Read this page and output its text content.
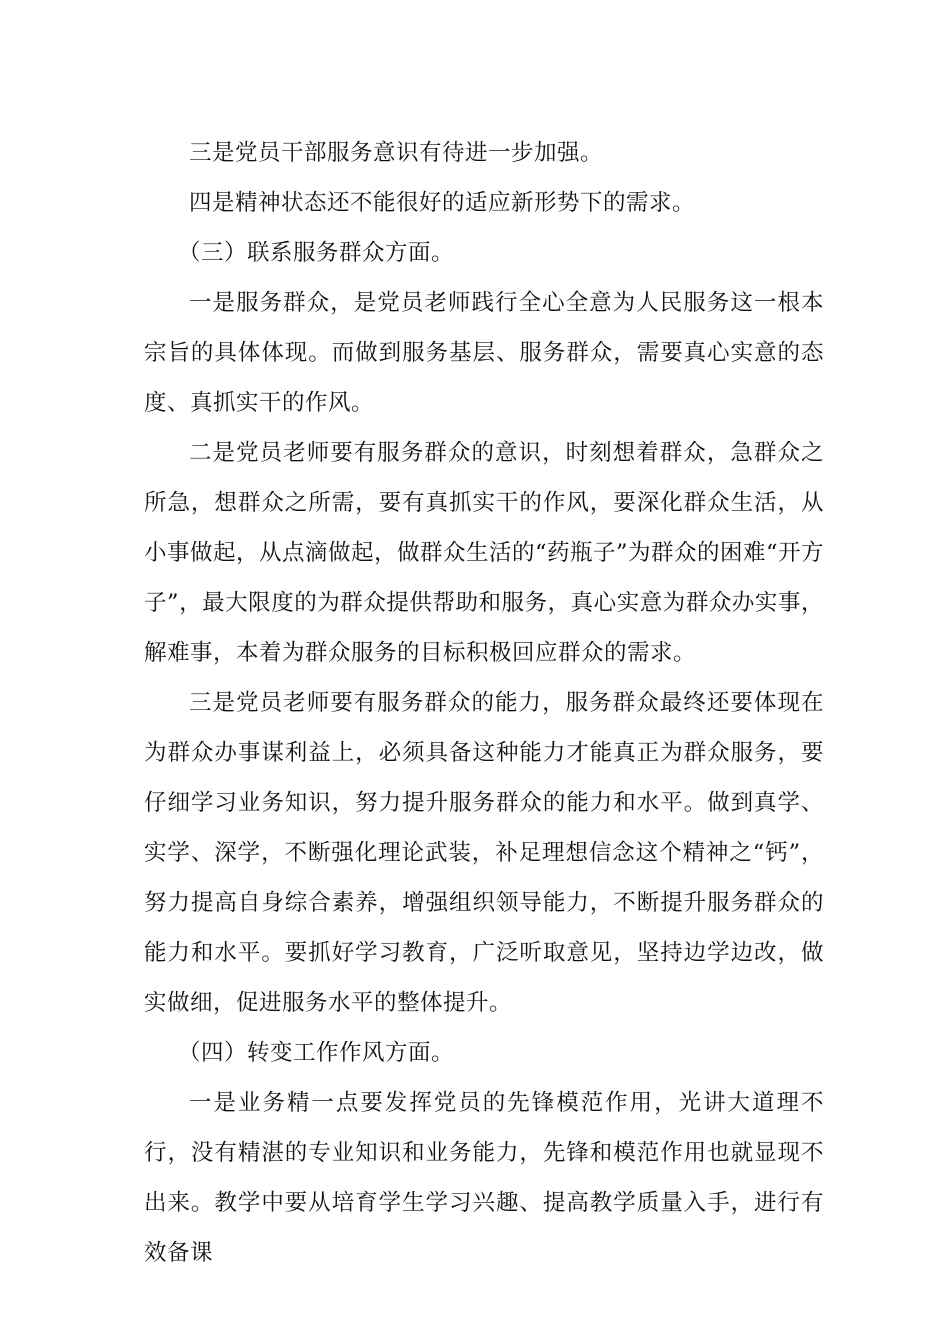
三是党员干部服务意识有待进一步加强。

四是精神状态还不能很好的适应新形势下的需求。

（三）联系服务群众方面。

一是服务群众，是党员老师践行全心全意为人民服务这一根本宗旨的具体体现。而做到服务基层、服务群众，需要真心实意的态度、真抓实干的作风。

二是党员老师要有服务群众的意识，时刻想着群众，急群众之所急，想群众之所需，要有真抓实干的作风，要深化群众生活，从小事做起，从点滴做起，做群众生活的“药瓶子”为群众的困难“开方子”，最大限度的为群众提供帮助和服务，真心实意为群众办实事，解难事，本着为群众服务的目标积极回应群众的需求。

三是党员老师要有服务群众的能力，服务群众最终还要体现在为群众办事谋利益上，必须具备这种能力才能真正为群众服务，要仔细学习业务知识，努力提升服务群众的能力和水平。做到真学、实学、深学，不断强化理论武装，补足理想信念这个精神之“钙”，努力提高自身综合素养，增强组织领导能力，不断提升服务群众的能力和水平。要抓好学习教育，广泛听取意见，坚持边学边改，做实做细，促进服务水平的整体提升。

（四）转变工作作风方面。

一是业务精一点要发挥党员的先锋模范作用，光讲大道理不行，没有精湛的专业知识和业务能力，先锋和模范作用也就显现不出来。教学中要从培育学生学习兴趣、提高教学质量入手，进行有效备课
